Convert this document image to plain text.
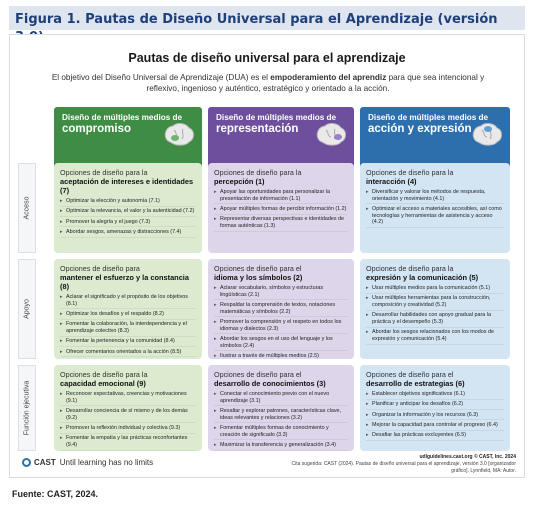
Figura 1. Pautas de Diseño Universal para el Aprendizaje (versión
Pautas de diseño universal para el aprendizaje
El objetivo del Diseño Universal de Aprendizaje (DUA) es el empoderamiento del aprendiz para que sea intencional y reflexivo, ingenioso y auténtico, estratégico y orientado a la acción.
Diseño de múltiples medios de
compromiso
Diseño de múltiples medios de
representación
Diseño de múltiples medios de
acción y expresión
Acceso
Apoyo
Función ejecutiva
Opciones de diseño para la
aceptación de intereses e identidades (7)
▸ Optimizar la elección y autonomía (7.1)
▸ Optimizar la relevancia, el valor y la autenticidad (7.2)
▸ Promover la alegría y el juego (7.3)
▸ Abordar sesgos, amenazas y distracciones (7.4)
Opciones de diseño para la
percepción (1)
▸ Apoyar las oportunidades para personalizar la presentación de información (1.1)
▸ Apoyar múltiples formas de percibir información (1.2)
▸ Representar diversas perspectivas e identidades de formas auténticas (1.3)
Opciones de diseño para la
interacción (4)
▸ Diversificar y valorar los métodos de respuesta, orientación y movimiento (4.1)
▸ Optimizar el acceso a materiales accesibles, así como tecnologías y herramientas de asistencia y acceso (4.2)
Opciones de diseño para
mantener el esfuerzo y la constancia (8)
▸ Aclarar el significado y el propósito de los objetivos (8.1)
▸ Optimizar los desafíos y el respaldo (8.2)
▸ Fomentar la colaboración, la interdependencia y el aprendizaje colectivo (8.3)
▸ Fomentar la pertenencia y la comunidad (8.4)
▸ Ofrecer comentarios orientados a la acción (8.5)
Opciones de diseño para el
idioma y los símbolos (2)
▸ Aclarar vocabulario, símbolos y estructuras lingüísticas (2.1)
▸ Respaldar la comprensión de textos, notaciones matemáticas y símbolos (2.2)
▸ Promover la comprensión y el respeto en todos los idiomas y dialectos (2.3)
▸ Abordar los sesgos en el uso del lenguaje y los símbolos (2.4)
▸ Ilustrar a través de múltiples medios (2.5)
Opciones de diseño para la
expresión y la comunicación (5)
▸ Usar múltiples medios para la comunicación (5.1)
▸ Usar múltiples herramientas para la construcción, composición y creatividad (5.2)
▸ Desarrollar habilidades con apoyo gradual para la práctica y el desempeño (5.3)
▸ Abordar los sesgos relacionados con los modos de expresión y comunicación (5.4)
Opciones de diseño para la
capacidad emocional (9)
▸ Reconocer expectativas, creencias y motivaciones (9.1)
▸ Desarrollar conciencia de sí mismo y de los demás (9.2)
▸ Promover la reflexión individual y colectiva (9.3)
▸ Fomentar la empatía y las prácticas reconfortantes (9.4)
Opciones de diseño para el
desarrollo de conocimientos (3)
▸ Conectar el conocimiento previo con el nuevo aprendizaje (3.1)
▸ Resaltar y explorar patrones, características clave, ideas relevantes y relaciones (3.2)
▸ Fomentar múltiples formas de conocimiento y creación de significado (3.3)
▸ Maximizar la transferencia y generalización (3.4)
Opciones de diseño para el
desarrollo de estrategias (6)
▸ Establecer objetivos significativos (6.1)
▸ Planificar y anticipar los desafíos (6.2)
▸ Organizar la información y los recursos (6.3)
▸ Mejorar la capacidad para controlar el progreso (6.4)
▸ Desafiar las prácticas excluyentes (6.5)
CAST Until learning has no limits
udlguidelines.cast.org © CAST, Inc. 2024
Cita sugerida: CAST (2024). Pautas de diseño universal para el aprendizaje, versión 3.0 [organizador gráfico]. Lynnfield, MA: Autor.
Fuente: CAST, 2024.
